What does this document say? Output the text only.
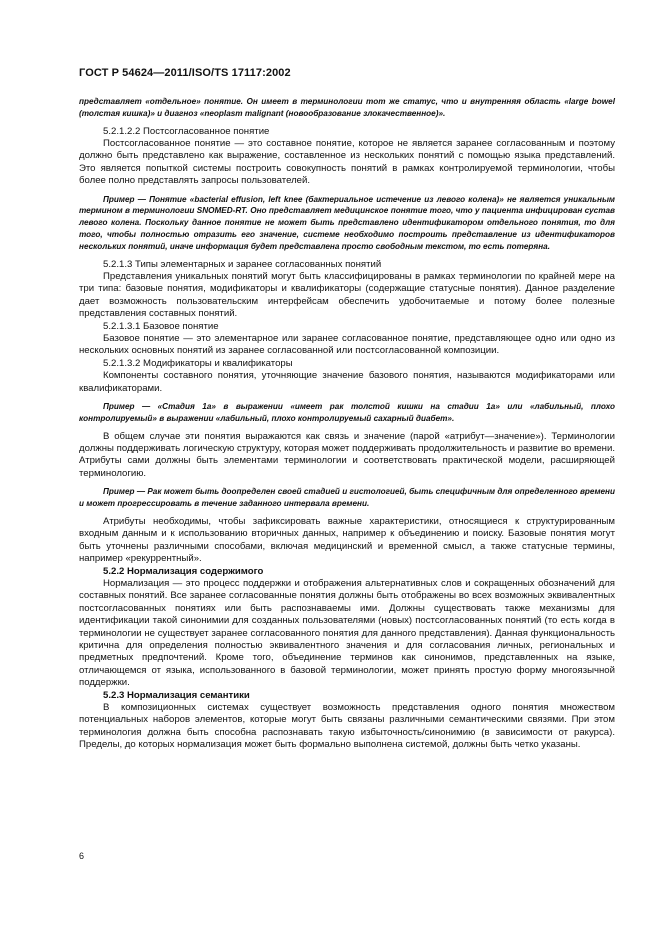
ГОСТ Р 54624—2011/ISO/TS 17117:2002

представляет «отдельное» понятие. Он имеет в терминологии тот же статус, что и внутренняя область «large bowel (толстая кишка)» и диагноз «neoplasm malignant (новообразование злокачественное)».

5.2.1.2.2 Постсогласованное понятие

Постсогласованное понятие — это составное понятие, которое не является заранее согласованным и поэтому должно быть представлено как выражение, составленное из нескольких понятий с помощью языка представлений. Это является попыткой системы построить совокупность понятий в рамках контролируемой терминологии, чтобы более полно представлять запросы пользователей.

Пример — Понятие «bacterial effusion, left knee (бактериальное истечение из левого колена)» не является уникальным термином в терминологии SNOMED-RT. Оно представляет медицинское понятие того, что у пациента инфицирован сустав левого колена. Поскольку данное понятие не может быть представлено идентификатором отдельного понятия, то для того, чтобы полностью отразить его значение, системе необходимо построить представление из идентификаторов нескольких понятий, иначе информация будет представлена просто свободным текстом, то есть потеряна.

5.2.1.3 Типы элементарных и заранее согласованных понятий

Представления уникальных понятий могут быть классифицированы в рамках терминологии по крайней мере на три типа: базовые понятия, модификаторы и квалификаторы (содержащие статусные понятия). Данное разделение дает возможность пользовательским интерфейсам обеспечить удобочитаемые и потому более полезные представления составных понятий.

5.2.1.3.1 Базовое понятие

Базовое понятие — это элементарное или заранее согласованное понятие, представляющее одно или одно из нескольких основных понятий из заранее согласованной или постсогласованной композиции.

5.2.1.3.2 Модификаторы и квалификаторы

Компоненты составного понятия, уточняющие значение базового понятия, называются модификаторами или квалификаторами.

Пример — «Стадия 1а» в выражении «имеет рак толстой кишки на стадии 1а» или «лабильный, плохо контролируемый» в выражении «лабильный, плохо контролируемый сахарный диабет».

В общем случае эти понятия выражаются как связь и значение (парой «атрибут—значение»). Терминологии должны поддерживать логическую структуру, которая может поддерживать продолжительность и развитие во времени. Атрибуты сами должны быть элементами терминологии и соответствовать практической модели, расширяющей терминологию.

Пример — Рак может быть доопределен своей стадией и гистологией, быть специфичным для определенного времени и может прогрессировать в течение заданного интервала времени.

Атрибуты необходимы, чтобы зафиксировать важные характеристики, относящиеся к структурированным входным данным и к использованию вторичных данных, например к объединению и поиску. Базовые понятия могут быть уточнены различными способами, включая медицинский и временной смысл, а также статусные термины, например «рекуррентный».

5.2.2 Нормализация содержимого

Нормализация — это процесс поддержки и отображения альтернативных слов и сокращенных обозначений для составных понятий. Все заранее согласованные понятия должны быть отображены во всех возможных эквивалентных постсогласованных понятиях или быть распознаваемы ими. Должны существовать также механизмы для идентификации такой синонимии для созданных пользователями (новых) постсогласованных понятий (то есть когда в терминологии не существует заранее согласованного понятия для данного представления). Данная функциональность критична для определения полностью эквивалентного значения и для согласования личных, региональных и предметных предпочтений. Кроме того, объединение терминов как синонимов, представленных на языке, отличающемся от языка, использованного в базовой терминологии, может принять простую форму многоязычной поддержки.

5.2.3 Нормализация семантики

В композиционных системах существует возможность представления одного понятия множеством потенциальных наборов элементов, которые могут быть связаны различными семантическими связями. При этом терминология должна быть способна распознавать такую избыточность/синонимию (в зависимости от ракурса). Пределы, до которых нормализация может быть формально выполнена системой, должны быть четко указаны.

6
